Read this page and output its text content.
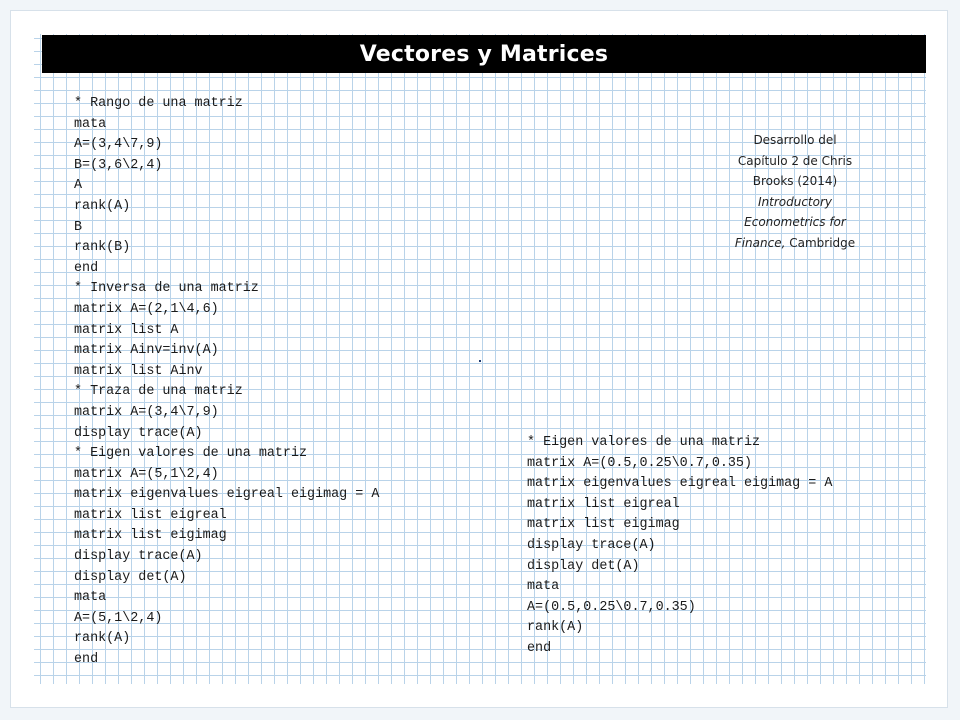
Vectores y Matrices
* Rango de una matriz
mata
A=(3,4\7,9)
B=(3,6\2,4)
A
rank(A)
B
rank(B)
end
* Inversa de una matriz
matrix A=(2,1\4,6)
matrix list A
matrix Ainv=inv(A)
matrix list Ainv
* Traza de una matriz
matrix A=(3,4\7,9)
display trace(A)
* Eigen valores de una matriz
matrix A=(5,1\2,4)
matrix eigenvalues eigreal eigimag = A
matrix list eigreal
matrix list eigimag
display trace(A)
display det(A)
mata
A=(5,1\2,4)
rank(A)
end
* Eigen valores de una matriz
matrix A=(0.5,0.25\0.7,0.35)
matrix eigenvalues eigreal eigimag = A
matrix list eigreal
matrix list eigimag
display trace(A)
display det(A)
mata
A=(0.5,0.25\0.7,0.35)
rank(A)
end
Desarrollo del
Capítulo 2 de Chris
Brooks (2014)
Introductory
Econometrics for
Finance, Cambridge
